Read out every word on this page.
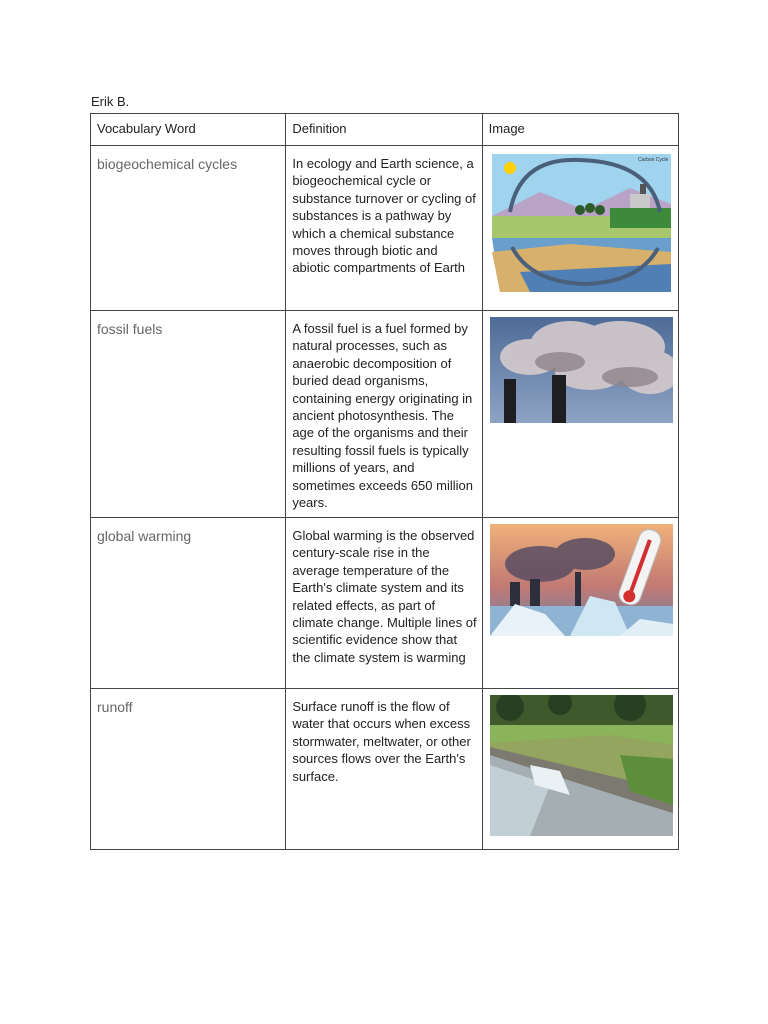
Erik B.
Vocabulary Word	Definition	Image

biogeochemical cycles	In ecology and Earth science, a biogeochemical cycle or substance turnover or cycling of substances is a pathway by which a chemical substance moves through biotic and abiotic compartments of Earth	Carbon Cycle

fossil fuels	A fossil fuel is a fuel formed by natural processes, such as anaerobic decomposition of buried dead organisms, containing energy originating in ancient photosynthesis. The age of the organisms and their resulting fossil fuels is typically millions of years, and sometimes exceeds 650 million years.

global warming	Global warming is the observed century-scale rise in the average temperature of the Earth's climate system and its related effects, as part of climate change. Multiple lines of scientific evidence show that the climate system is warming

runoff	Surface runoff is the flow of water that occurs when excess stormwater, meltwater, or other sources flows over the Earth's surface.
